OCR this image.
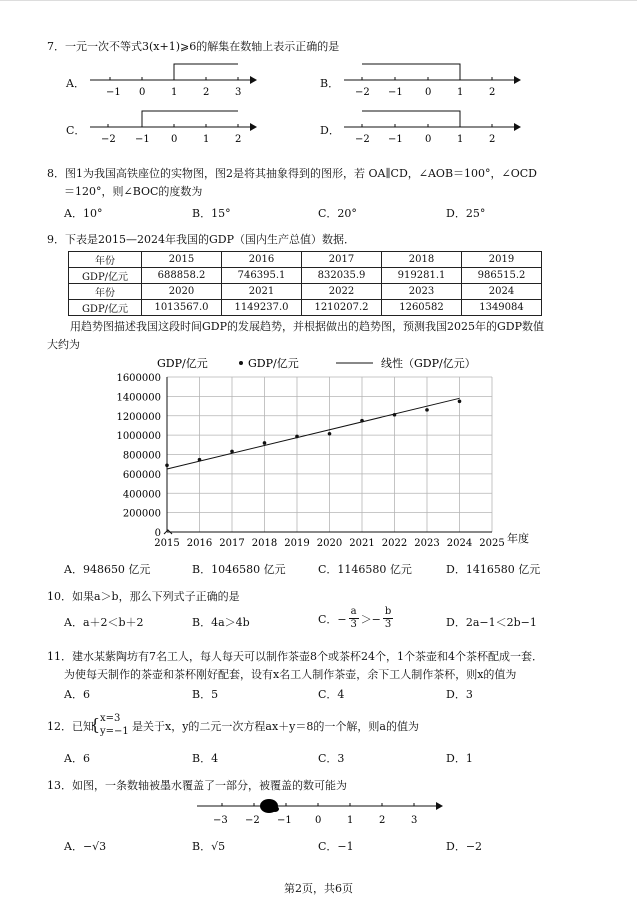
7．一元一次不等式3(x+1)⩾6的解集在数轴上表示正确的是
A．
−1 0	1	2	3
B．
−2 −1 0	1	2
C．
−2 −1 0	1	2
D．
−2 −1 0	1	2
8．图1为我国高铁座位的实物图，图2是将其抽象得到的图形，若 OA∥CD，∠AOB＝100°，∠OCD
＝120°，则∠BOC的度数为
A．10°	B．15°	C．20°	D．25°
9．下表是2015—2024年我国的GDP（国内生产总值）数据．
年份	2015	2016	2017	2018	2019
GDP/亿元	688858.2	746395.1	832035.9	919281.1	986515.2
年份	2020	2021	2022	2023	2024
GDP/亿元	1013567.0	1149237.0	1210207.2	1260582	1349084
用趋势图描述我国这段时间GDP的发展趋势，并根据做出的趋势图，预测我国2025年的GDP数值
大约为
0
200000
400000
600000
800000
1000000
1200000
1400000
1600000
2015 2016 2017 2018 2019 2020 2021 2022 2023 2024 2025
GDP/亿元	GDP/亿元	线性（GDP/亿元）
年度
A．948650 亿元	B．1046580 亿元	C．1146580 亿元	D．1416580 亿元
10．如果a＞b，那么下列式子正确的是
A．a＋2＜b＋2	B．4a＞4b	C．− $\frac{a}{3} >- \frac{b}{3}$	D．2a−1＜2b−1
11．建水某紫陶坊有7名工人，每人每天可以制作茶壶8个或茶杯24个，1个茶壶和4个茶杯配成一套．
为使每天制作的茶壶和茶杯刚好配套，设有x名工人制作茶壶，余下工人制作茶杯，则x的值为
A．6	B．5	C．4	D．3
12．已知
{ x=3
y=−1 是关于x，y的二元一次方程ax＋y＝8的一个解，则a的值为
A．6	B．4	C．3	D．1
13．如图，一条数轴被墨水覆盖了一部分，被覆盖的数可能为
−3 −2 −1 0	1	2	3
A．−√3	B．√5	C．−1	D．−2
第2页，共6页
